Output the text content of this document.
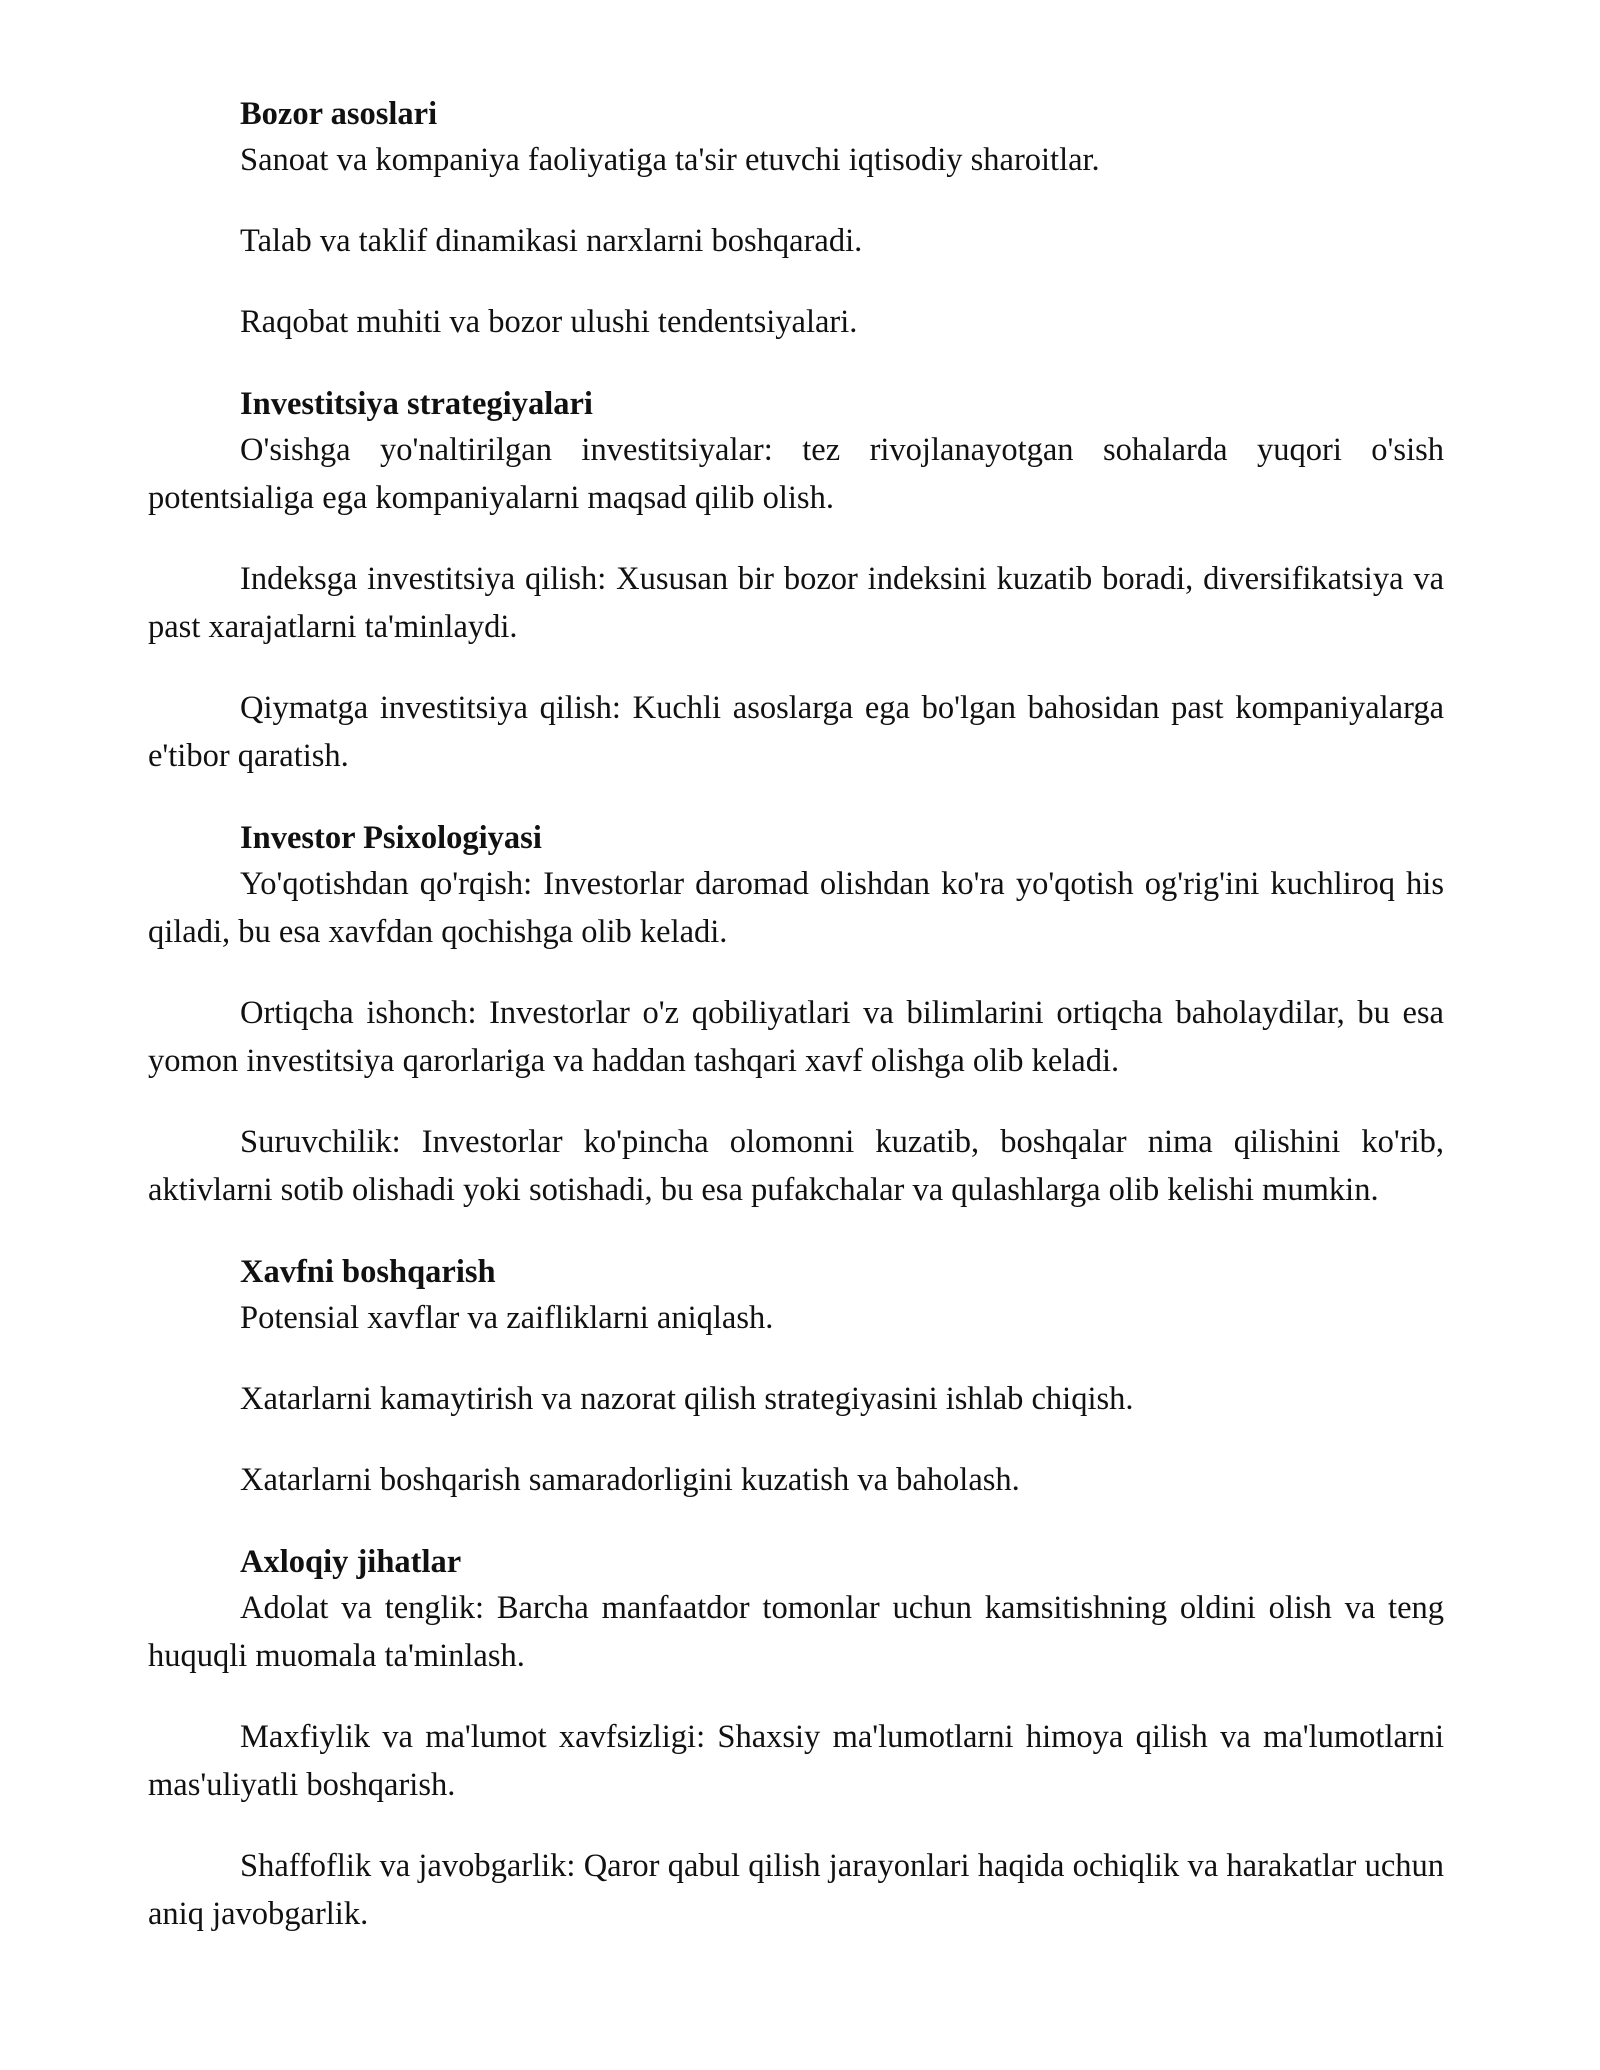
Bozor asoslari

Sanoat va kompaniya faoliyatiga ta'sir etuvchi iqtisodiy sharoitlar.

Talab va taklif dinamikasi narxlarni boshqaradi.

Raqobat muhiti va bozor ulushi tendentsiyalari.

Investitsiya strategiyalari

O'sishga yo'naltirilgan investitsiyalar: tez rivojlanayotgan sohalarda yuqori o'sish potentsialiga ega kompaniyalarni maqsad qilib olish.

Indeksga investitsiya qilish: Xususan bir bozor indeksini kuzatib boradi, diversifikatsiya va past xarajatlarni ta'minlaydi.

Qiymatga investitsiya qilish: Kuchli asoslarga ega bo'lgan bahosidan past kompaniyalarga e'tibor qaratish.

Investor Psixologiyasi

Yo'qotishdan qo'rqish: Investorlar daromad olishdan ko'ra yo'qotish og'rig'ini kuchliroq his qiladi, bu esa xavfdan qochishga olib keladi.

Ortiqcha ishonch: Investorlar o'z qobiliyatlari va bilimlarini ortiqcha baholaydilar, bu esa yomon investitsiya qarorlariga va haddan tashqari xavf olishga olib keladi.

Suruvchilik: Investorlar ko'pincha olomonni kuzatib, boshqalar nima qilishini ko'rib, aktivlarni sotib olishadi yoki sotishadi, bu esa pufakchalar va qulashlarga olib kelishi mumkin.

Xavfni boshqarish

Potensial xavflar va zaifliklarni aniqlash.

Xatarlarni kamaytirish va nazorat qilish strategiyasini ishlab chiqish.

Xatarlarni boshqarish samaradorligini kuzatish va baholash.

Axloqiy jihatlar

Adolat va tenglik: Barcha manfaatdor tomonlar uchun kamsitishning oldini olish va teng huquqli muomala ta'minlash.

Maxfiylik va ma'lumot xavfsizligi: Shaxsiy ma'lumotlarni himoya qilish va ma'lumotlarni mas'uliyatli boshqarish.

Shaffoflik va javobgarlik: Qaror qabul qilish jarayonlari haqida ochiqlik va harakatlar uchun aniq javobgarlik.
